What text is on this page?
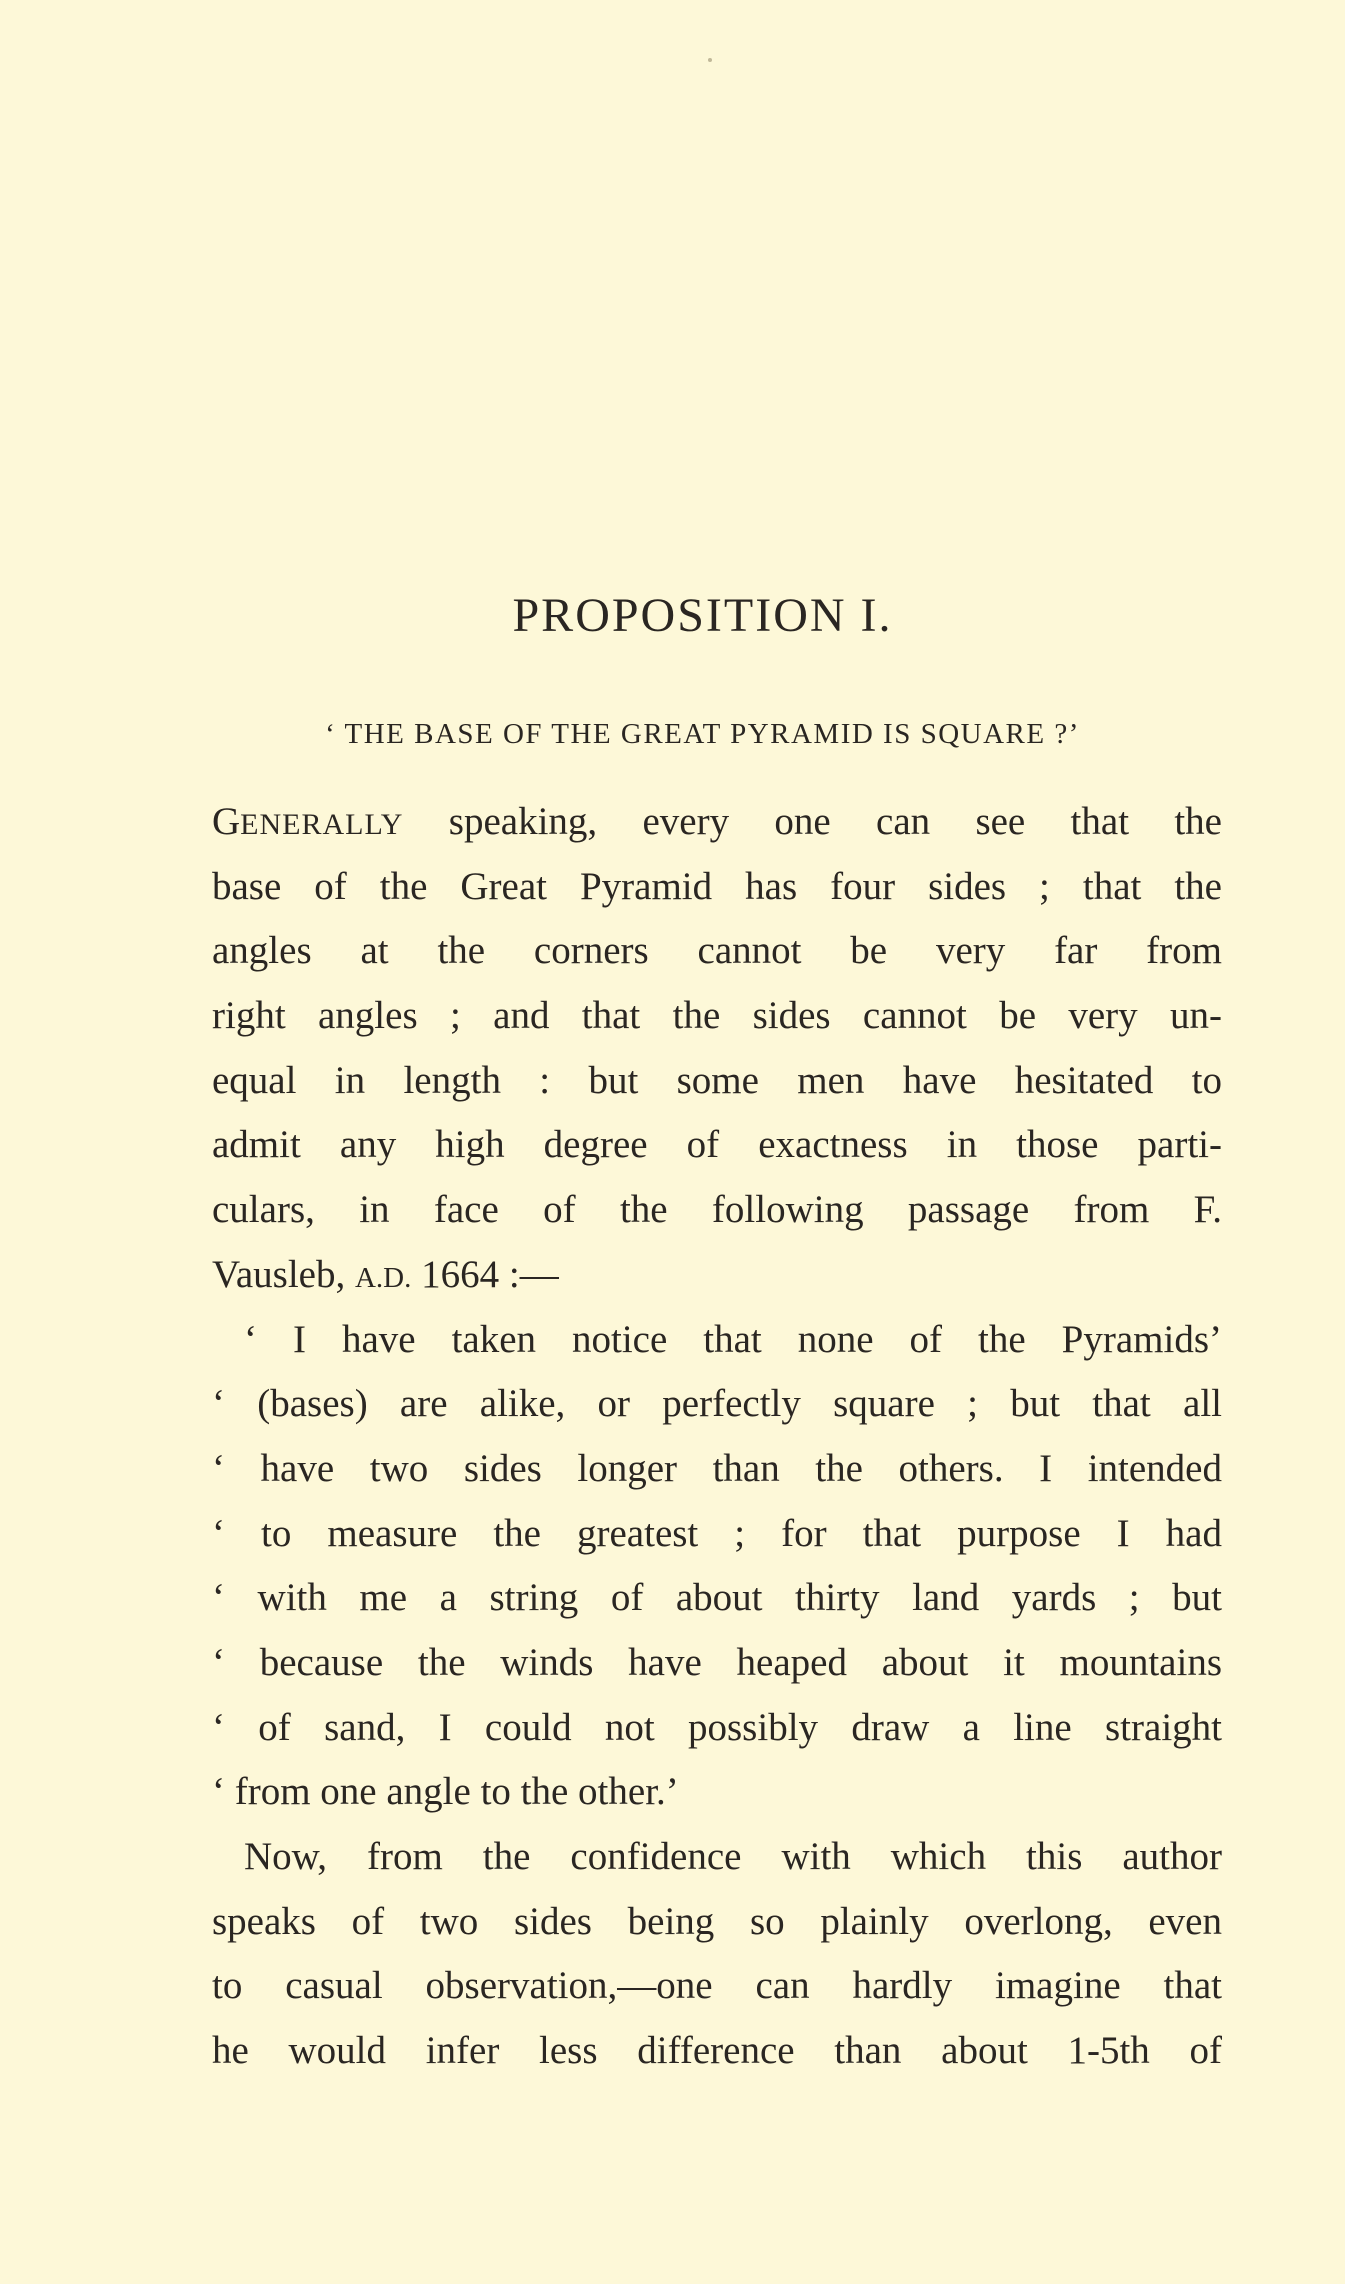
PROPOSITION I.
‘ THE BASE OF THE GREAT PYRAMID IS SQUARE ?’
GENERALLY speaking, every one can see that the
base of the Great Pyramid has four sides ; that the
angles at the corners cannot be very far from
right angles ; and that the sides cannot be very un-
equal in length : but some men have hesitated to
admit any high degree of exactness in those parti-
culars, in face of the following passage from F.
Vausleb, A.D. 1664 :—
‘ I have taken notice that none of the Pyramids’
‘ (bases) are alike, or perfectly square ; but that all
‘ have two sides longer than the others. I intended
‘ to measure the greatest ; for that purpose I had
‘ with me a string of about thirty land yards ; but
‘ because the winds have heaped about it mountains
‘ of sand, I could not possibly draw a line straight
‘ from one angle to the other.’
Now, from the confidence with which this author
speaks of two sides being so plainly overlong, even
to casual observation,—one can hardly imagine that
he would infer less difference than about 1-5th of
